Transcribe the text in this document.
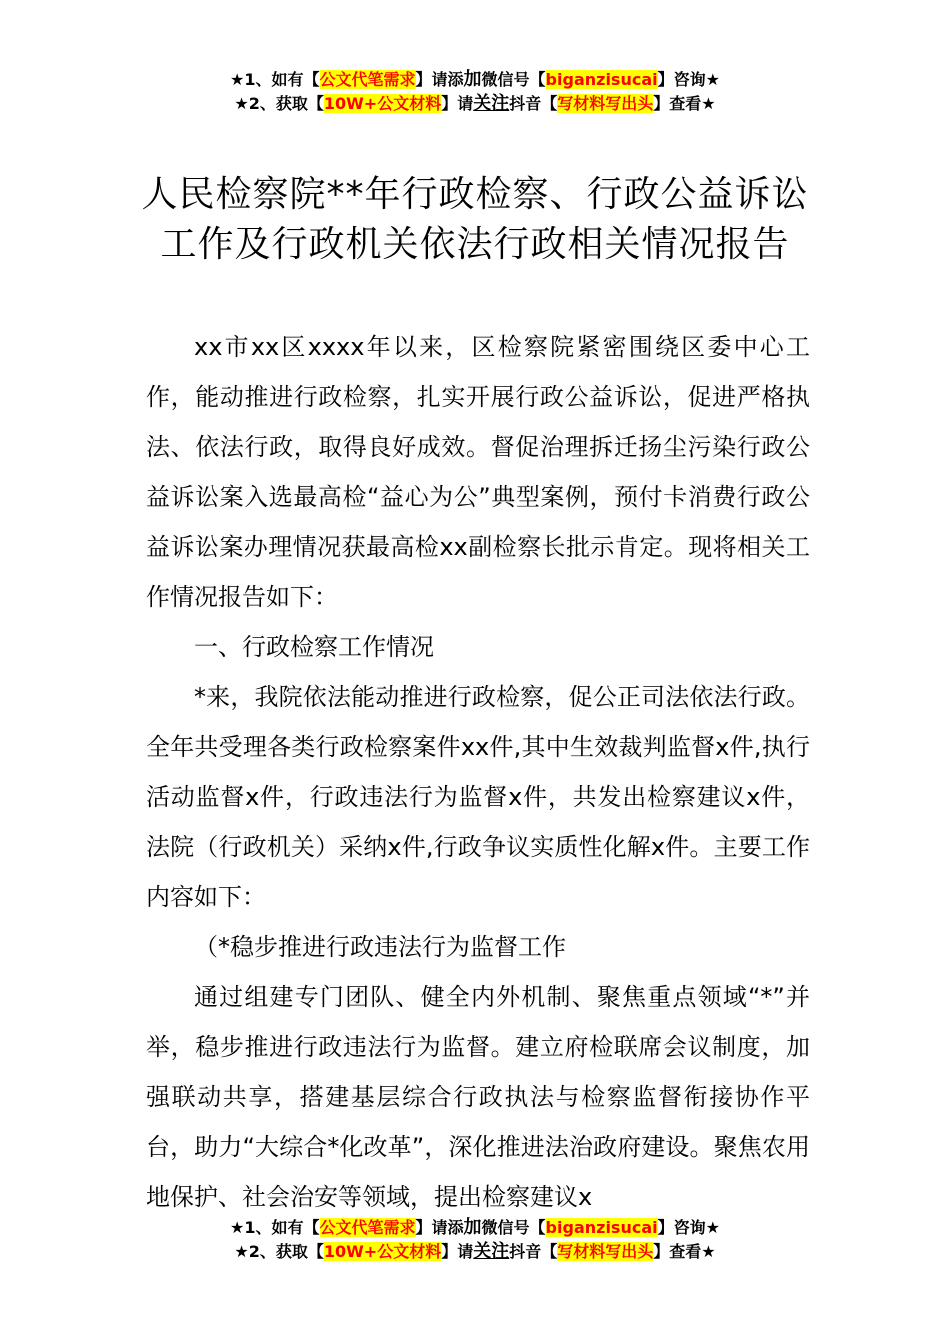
★1、如有【公文代笔需求】请添加微信号【biganzisucai】咨询★
★2、获取【10W+公文材料】请关注抖音【写材料写出头】查看★
人民检察院**年行政检察、行政公益诉讼
工作及行政机关依法行政相关情况报告

xx市xx区xxxx年以来，区检察院紧密围绕区委中心工作，能动推进行政检察，扎实开展行政公益诉讼，促进严格执法、依法行政，取得良好成效。督促治理拆迁扬尘污染行政公益诉讼案入选最高检“益心为公”典型案例，预付卡消费行政公益诉讼案办理情况获最高检xx副检察长批示肯定。现将相关工作情况报告如下：

一、行政检察工作情况

*来，我院依法能动推进行政检察，促公正司法依法行政。全年共受理各类行政检察案件xx件,其中生效裁判监督x件,执行活动监督x件，行政违法行为监督x件，共发出检察建议x件，法院（行政机关）采纳x件,行政争议实质性化解x件。主要工作内容如下：

（*稳步推进行政违法行为监督工作

通过组建专门团队、健全内外机制、聚焦重点领域“*”并举，稳步推进行政违法行为监督。建立府检联席会议制度，加强联动共享，搭建基层综合行政执法与检察监督衔接协作平台，助力“大综合*化改革”，深化推进法治政府建设。聚焦农用地保护、社会治安等领域，提出检察建议x

★1、如有【公文代笔需求】请添加微信号【biganzisucai】咨询★
★2、获取【10W+公文材料】请关注抖音【写材料写出头】查看★
